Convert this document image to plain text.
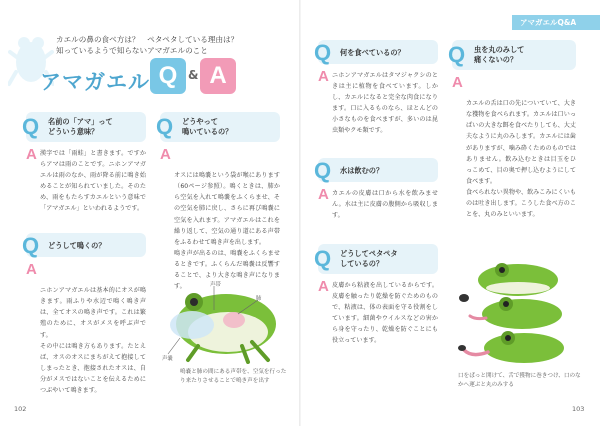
アマガエルQ&A
カエルの鼻の食べ方は？　ペタペタしている理由は？
知っているようで知らないアマガエルのこと
アマガエル Q & A
Q 名前の「アマ」って
どういう意味？
A 漢字では「雨蛙」と書きます。ですからアマは雨のことです。ニホンアマガエルは雨のなか、雨が降る前に鳴き始めることが知られていました。そのため、雨をもたらすカエルという意味で「アマガエル」といわれるようです。
Q どうして鳴くの？

A

ニホンアマガエルは基本的にオスが鳴きます。雨ふりや水辺で鳴く鳴き声は、全てオスの鳴き声です。これは繁殖のために、オスがメスを呼ぶ声です。
その中には鳴き方もあります。たとえば、オスのオスにまちがえて抱接してしまったとき、抱接されたオスは、自分がメスではないことを伝えるためにつぶやいて鳴きます。

Q どうやって
鳴いているの？

A

オスには鳴嚢という袋が喉にあります（60ページ参照）。鳴くときは、肺から空気を入れて鳴嚢をふくらませ、その空気を肺に戻し、さらに再び鳴嚢に空気を入れます。アマガエルはこれを繰り返して、空気の通り道にある声帯をふるわせて鳴き声を出します。
鳴き声が出るのは、鳴嚢をふくらませるときです。ふくらんだ鳴嚢は反響することで、より大きな鳴き声になります。	声帯
肺
声嚢
鳴嚢と肺の間にある声帯を、空気を行ったり来たりさせることで鳴き声を出す
Q 何を食べているの？
A ニホンアマガエルはタマジャクシのときは主に植物を食べています。しかし、カエルになると完全な肉食になります。口に入るものなら、ほとんどの小さなものを食べますが、多いのは昆虫類やクモ類です。
Q 水は飲むの？
A カエルの皮膚は口から水を飲みません。水は主に皮膚の腹側から吸収します。
Q どうしてペタペタ
しているの？
A 皮膚から粘液を出しているからです。皮膚を触ったり乾燥を防ぐためのもので、粘液は、体の表面を守る役割をしています。細菌やウイルスなどの害から身を守ったり、乾燥を防ぐことにも役立っています。
Q 虫を丸のみして
痛くないの？

A

カエルの舌は口の先についていて、大きな獲物を食べられます。カエルは口いっぱいの大きな餌を食べたりしても、大丈夫なように丸のみします。カエルには歯がありますが、噛み砕くためのものではありません。飲み込むときは目玉をひっこめて、目の奥で押し込むようにして食べます。
食べられない異物や、飲みこみにくいものは吐き出します。こうした食べ方のことを、丸のみといいます。

口をぱっと開けて、舌で獲物に巻きつけ、口のなかへ運ぶと丸のみする
102	103
